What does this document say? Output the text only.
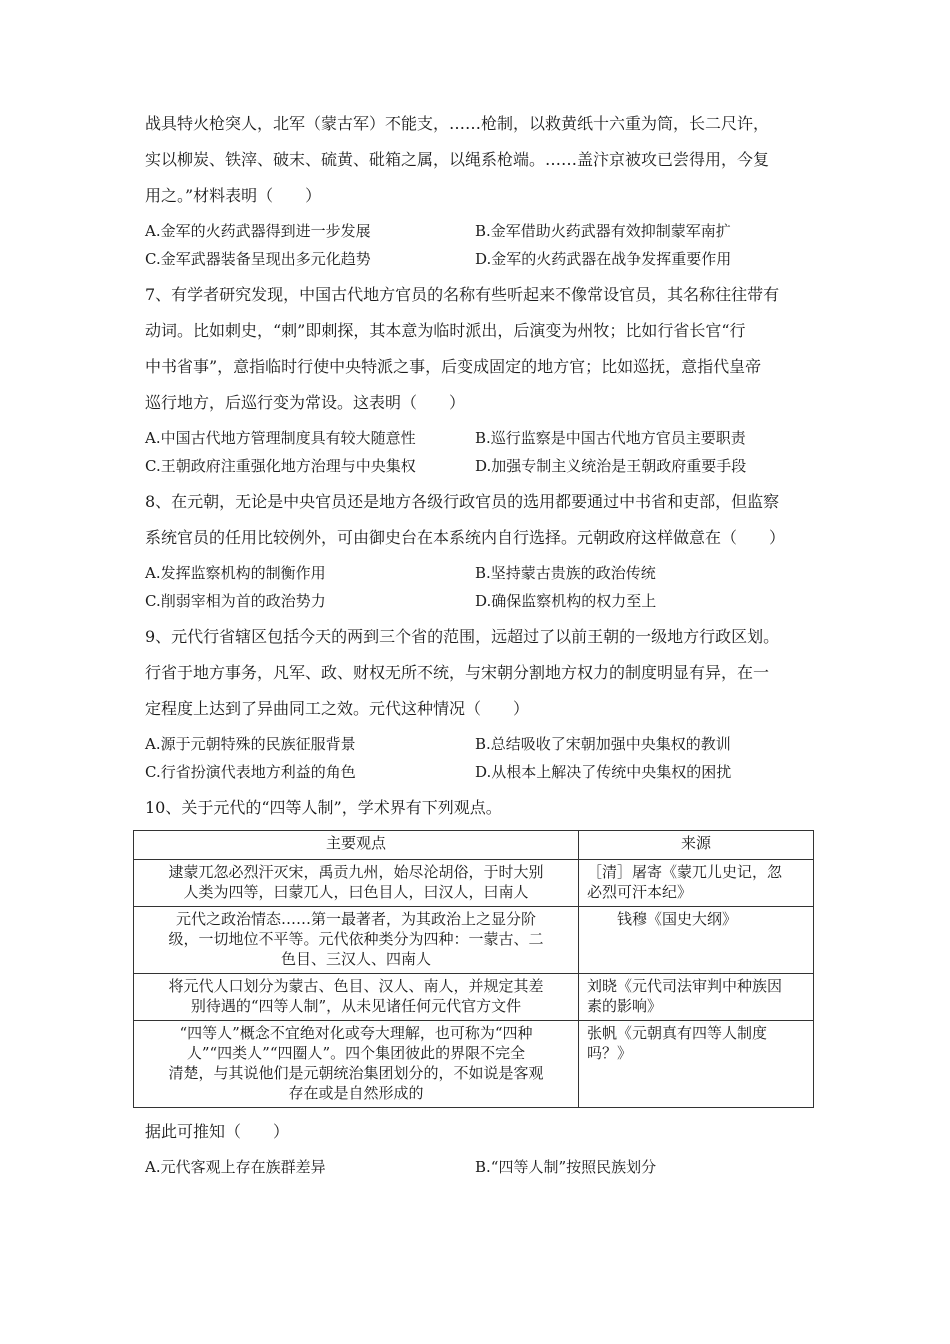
战具特火枪突人，北军（蒙古军）不能支，……枪制，以救黄纸十六重为筒，长二尺许，
实以柳炭、铁滓、破末、硫黄、砒箱之属，以绳系枪端。……盖汴京被攻已尝得用，今复
用之。”材料表明（　　）
A.金军的火药武器得到进一步发展	B.金军借助火药武器有效抑制蒙军南扩
C.金军武器装备呈现出多元化趋势	D.金军的火药武器在战争发挥重要作用
7、有学者研究发现，中国古代地方官员的名称有些听起来不像常设官员，其名称往往带有
动词。比如刺史，“刺”即刺探，其本意为临时派出，后演变为州牧；比如行省长官“行
中书省事”，意指临时行使中央特派之事，后变成固定的地方官；比如巡抚，意指代皇帝
巡行地方，后巡行变为常设。这表明（　　）
A.中国古代地方管理制度具有较大随意性	B.巡行监察是中国古代地方官员主要职责
C.王朝政府注重强化地方治理与中央集权	D.加强专制主义统治是王朝政府重要手段
8、在元朝，无论是中央官员还是地方各级行政官员的选用都要通过中书省和吏部，但监察
系统官员的任用比较例外，可由御史台在本系统内自行选择。元朝政府这样做意在（　　）
A.发挥监察机构的制衡作用	B.坚持蒙古贵族的政治传统
C.削弱宰相为首的政治势力	D.确保监察机构的权力至上
9、元代行省辖区包括今天的两到三个省的范围，远超过了以前王朝的一级地方行政区划。
行省于地方事务，凡军、政、财权无所不统，与宋朝分割地方权力的制度明显有异，在一
定程度上达到了异曲同工之效。元代这种情况（　　）
A.源于元朝特殊的民族征服背景	B.总结吸收了宋朝加强中央集权的教训
C.行省扮演代表地方利益的角色	D.从根本上解决了传统中央集权的困扰
10、关于元代的“四等人制”，学术界有下列观点。
主要观点	来源

逮蒙兀忽必烈汗灭宋，禹贡九州，始尽沦胡俗，于时大别
人类为四等，曰蒙兀人，曰色目人，曰汉人，曰南人	［清］屠寄《蒙兀儿史记，忽
必烈可汗本纪》

元代之政治情态……第一最著者，为其政治上之显分阶
级，一切地位不平等。元代依种类分为四种：一蒙古、二
色目、三汉人、四南人	钱穆《国史大纲》

将元代人口划分为蒙古、色目、汉人、南人，并规定其差
别待遇的“四等人制”，从未见诸任何元代官方文件	刘晓《元代司法审判中种族因
素的影响》

“四等人”概念不宜绝对化或夸大理解，也可称为“四种
人”“四类人”“四圈人”。四个集团彼此的界限不完全
清楚，与其说他们是元朝统治集团划分的，不如说是客观
存在或是自然形成的	张帆《元朝真有四等人制度
吗？》
据此可推知（　　）
A.元代客观上存在族群差异	B.“四等人制”按照民族划分
